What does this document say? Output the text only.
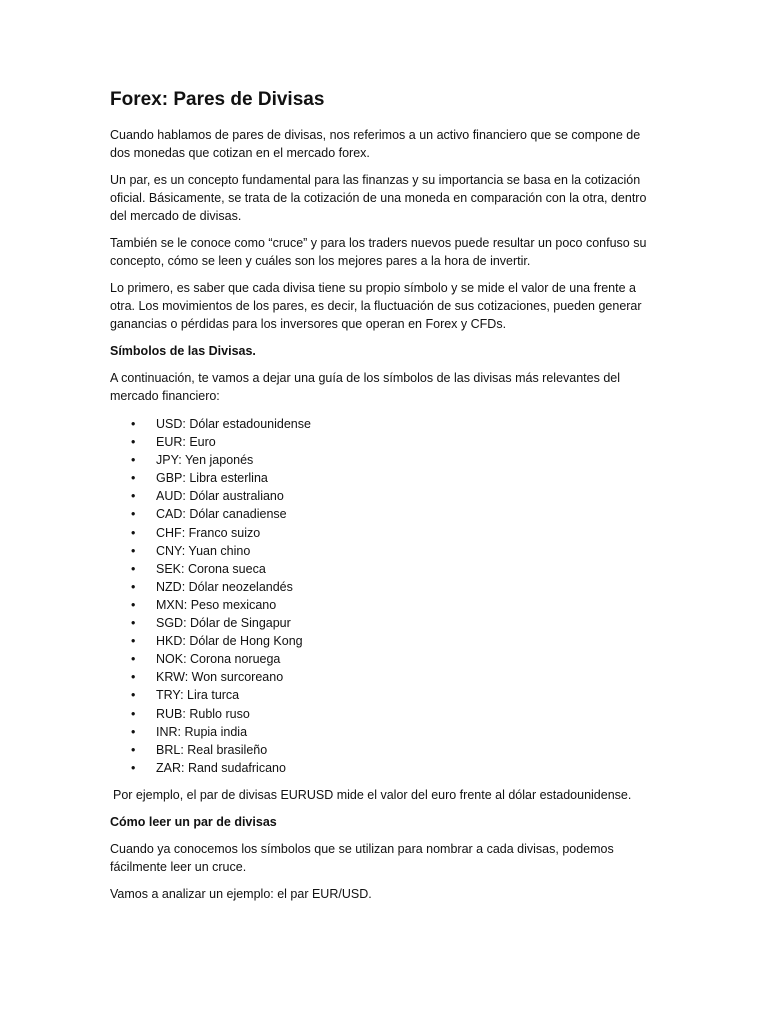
Forex: Pares de Divisas

Cuando hablamos de pares de divisas, nos referimos a un activo financiero que se compone de dos monedas que cotizan en el mercado forex.

Un par, es un concepto fundamental para las finanzas y su importancia se basa en la cotización oficial. Básicamente, se trata de la cotización de una moneda en comparación con la otra, dentro del mercado de divisas.

También se le conoce como “cruce” y para los traders nuevos puede resultar un poco confuso su concepto, cómo se leen y cuáles son los mejores pares a la hora de invertir.

Lo primero, es saber que cada divisa tiene su propio símbolo y se mide el valor de una frente a otra. Los movimientos de los pares, es decir, la fluctuación de sus cotizaciones, pueden generar ganancias o pérdidas para los inversores que operan en Forex y CFDs.

Símbolos de las Divisas.

A continuación, te vamos a dejar una guía de los símbolos de las divisas más relevantes del mercado financiero:

• USD: Dólar estadounidense
• EUR: Euro
• JPY: Yen japonés
• GBP: Libra esterlina
• AUD: Dólar australiano
• CAD: Dólar canadiense
• CHF: Franco suizo
• CNY: Yuan chino
• SEK: Corona sueca
• NZD: Dólar neozelandés
• MXN: Peso mexicano
• SGD: Dólar de Singapur
• HKD: Dólar de Hong Kong
• NOK: Corona noruega
• KRW: Won surcoreano
• TRY: Lira turca
• RUB: Rublo ruso
• INR: Rupia india
• BRL: Real brasileño
• ZAR: Rand sudafricano

Por ejemplo, el par de divisas EURUSD mide el valor del euro frente al dólar estadounidense.

Cómo leer un par de divisas

Cuando ya conocemos los símbolos que se utilizan para nombrar a cada divisas, podemos fácilmente leer un cruce.

Vamos a analizar un ejemplo: el par EUR/USD.
